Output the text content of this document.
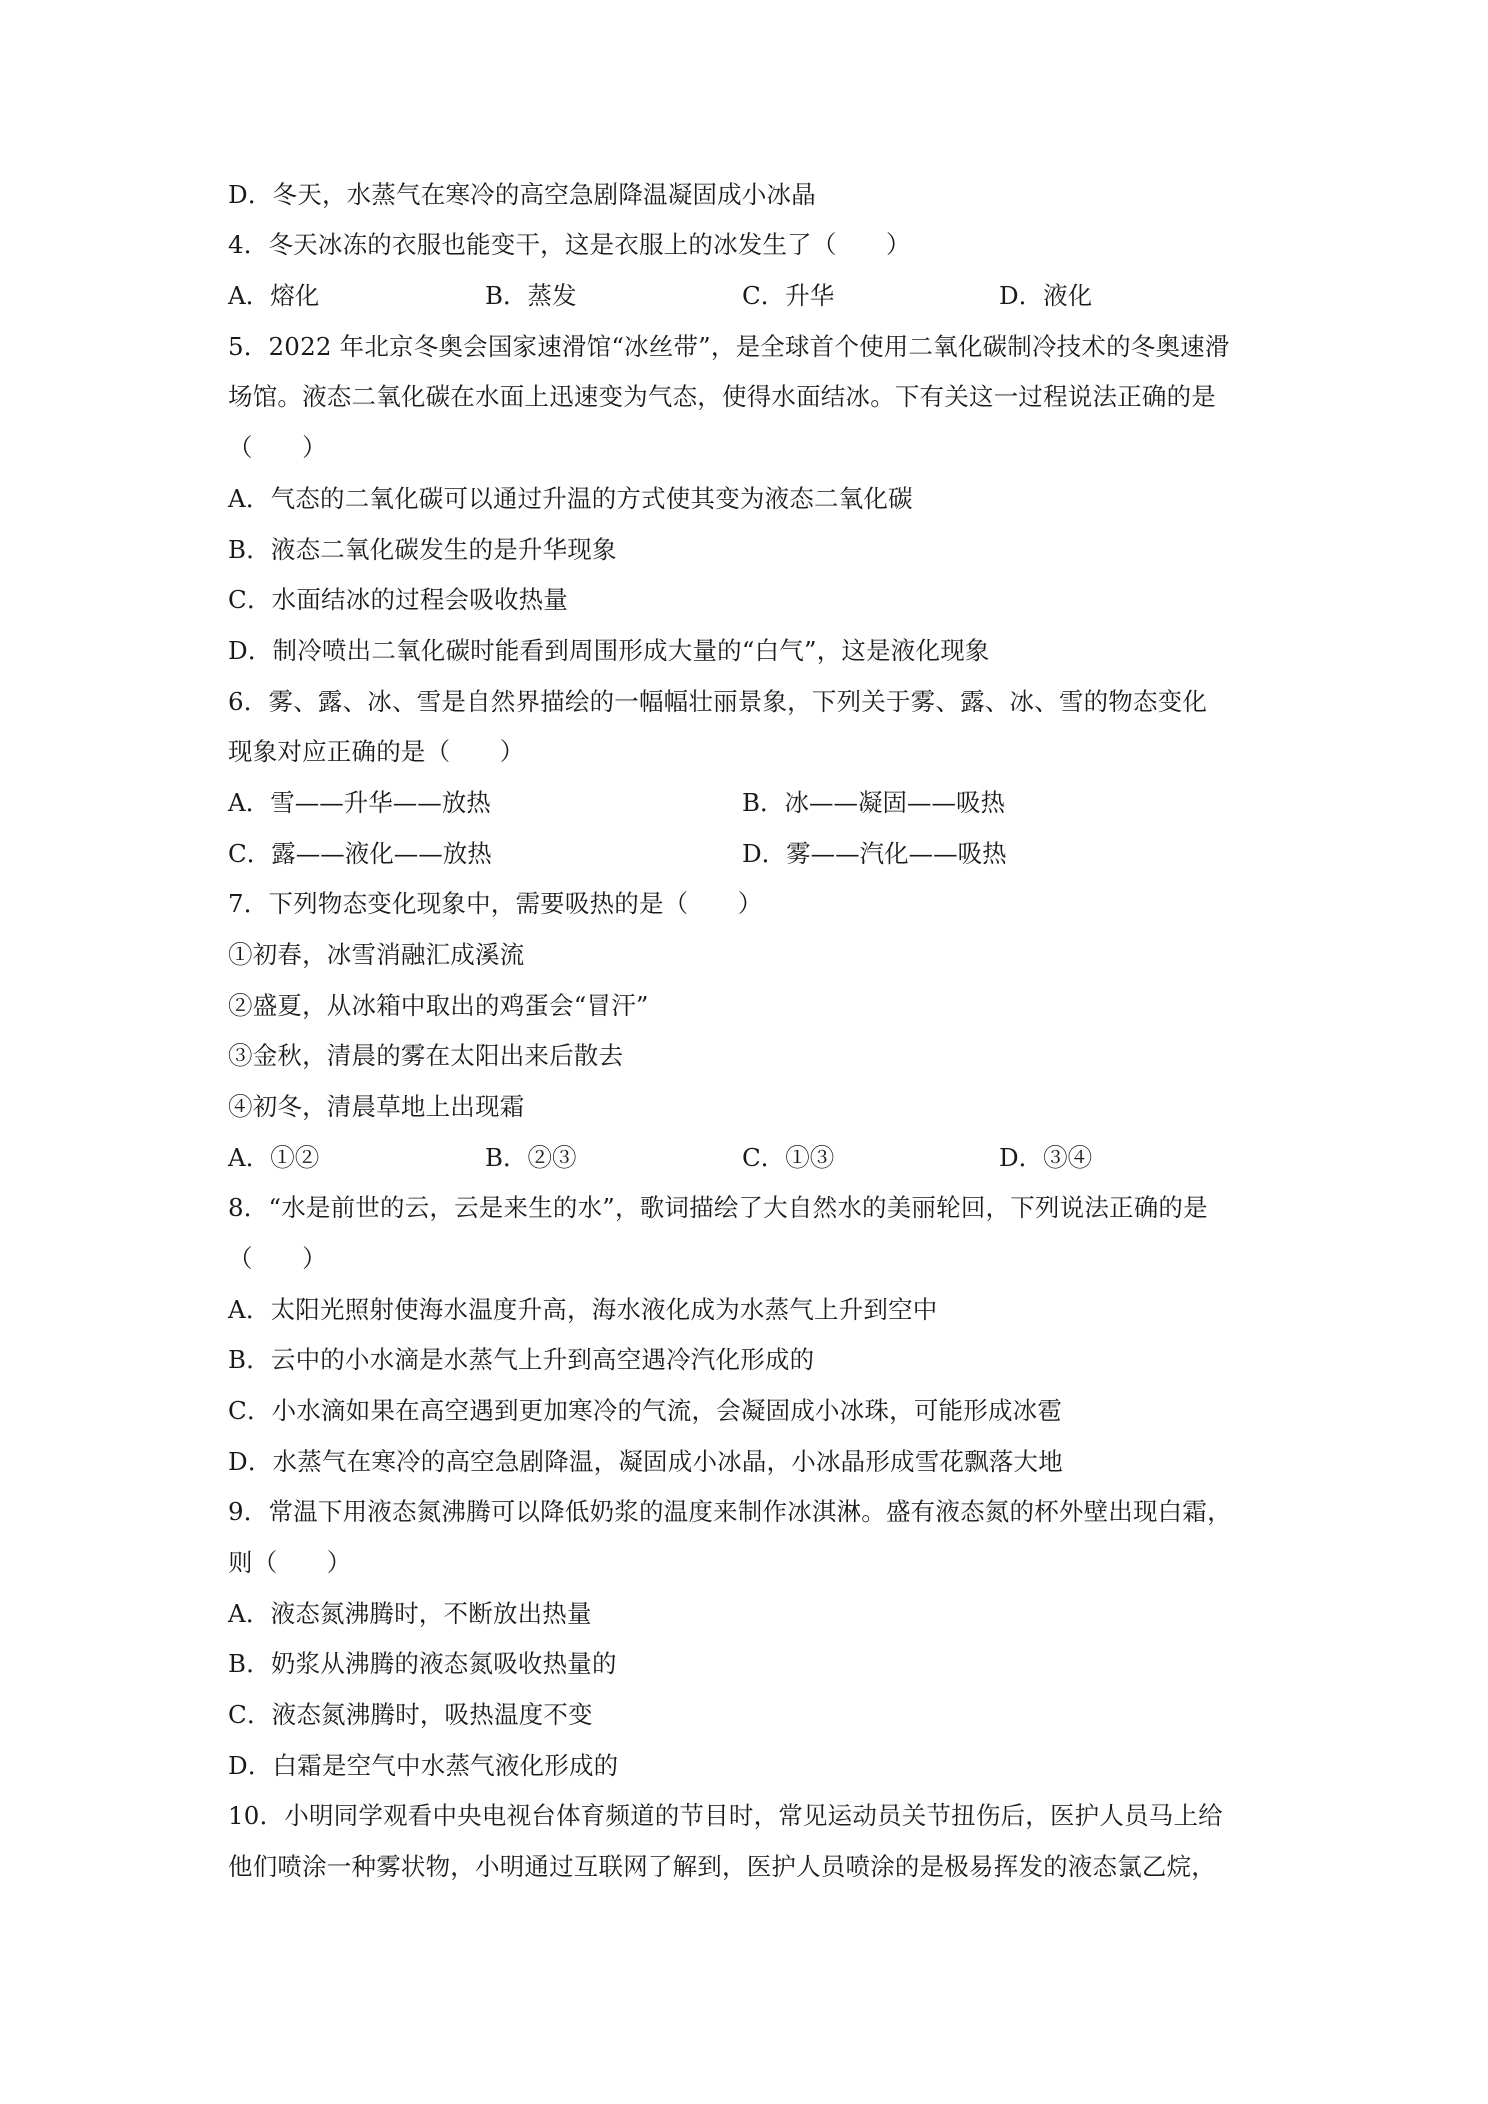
D．冬天，水蒸气在寒冷的高空急剧降温凝固成小冰晶
4．冬天冰冻的衣服也能变干，这是衣服上的冰发生了（　　）
A．熔化	B．蒸发	C．升华	D．液化
5．2022 年北京冬奥会国家速滑馆“冰丝带”，是全球首个使用二氧化碳制冷技术的冬奥速滑
场馆。液态二氧化碳在水面上迅速变为气态，使得水面结冰。下有关这一过程说法正确的是
（　　）
A．气态的二氧化碳可以通过升温的方式使其变为液态二氧化碳
B．液态二氧化碳发生的是升华现象
C．水面结冰的过程会吸收热量
D．制冷喷出二氧化碳时能看到周围形成大量的“白气”，这是液化现象
6．雾、露、冰、雪是自然界描绘的一幅幅壮丽景象，下列关于雾、露、冰、雪的物态变化
现象对应正确的是（　　）
A．雪——升华——放热	B．冰——凝固——吸热
C．露——液化——放热	D．雾——汽化——吸热
7．下列物态变化现象中，需要吸热的是（　　）
①初春，冰雪消融汇成溪流
②盛夏，从冰箱中取出的鸡蛋会“冒汗”
③金秋，清晨的雾在太阳出来后散去
④初冬，清晨草地上出现霜
A．①②	B．②③	C．①③	D．③④
8．“水是前世的云，云是来生的水”，歌词描绘了大自然水的美丽轮回，下列说法正确的是
（　　）
A．太阳光照射使海水温度升高，海水液化成为水蒸气上升到空中
B．云中的小水滴是水蒸气上升到高空遇冷汽化形成的
C．小水滴如果在高空遇到更加寒冷的气流，会凝固成小冰珠，可能形成冰雹
D．水蒸气在寒冷的高空急剧降温，凝固成小冰晶，小冰晶形成雪花飘落大地
9．常温下用液态氮沸腾可以降低奶浆的温度来制作冰淇淋。盛有液态氮的杯外壁出现白霜，
则（　　）
A．液态氮沸腾时，不断放出热量
B．奶浆从沸腾的液态氮吸收热量的
C．液态氮沸腾时，吸热温度不变
D．白霜是空气中水蒸气液化形成的
10．小明同学观看中央电视台体育频道的节目时，常见运动员关节扭伤后，医护人员马上给
他们喷涂一种雾状物，小明通过互联网了解到，医护人员喷涂的是极易挥发的液态氯乙烷，
